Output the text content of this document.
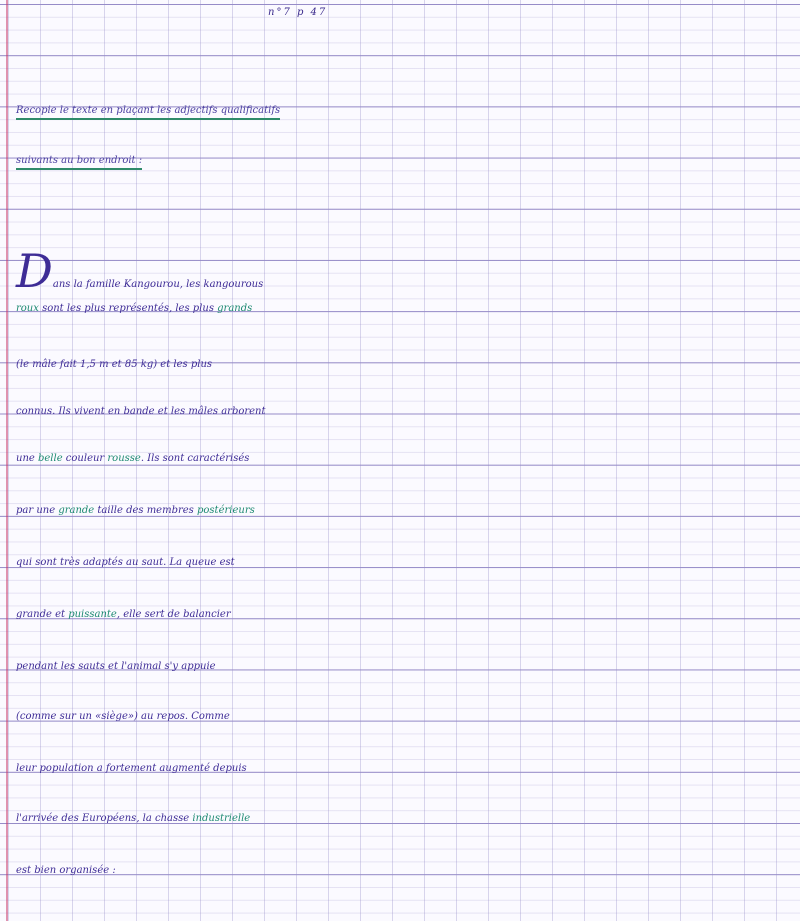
n°7 p 47
Recopie le texte en plaçant les adjectifs qualificatifs
suivants au bon endroit :
Dans la famille Kangourou, les kangourous
roux sont les plus représentés, les plus grands
(le mâle fait 1,5 m et 85 kg) et les plus
connus. Ils vivent en bande et les mâles arborent
une belle couleur rousse. Ils sont caractérisés
par une grande taille des membres postérieurs
qui sont très adaptés au saut. La queue est
grande et puissante, elle sert de balancier
pendant les sauts et l'animal s'y appuie
(comme sur un «siège») au repos. Comme
leur population a fortement augmenté depuis
l'arrivée des Européens, la chasse industrielle
est bien organisée :
